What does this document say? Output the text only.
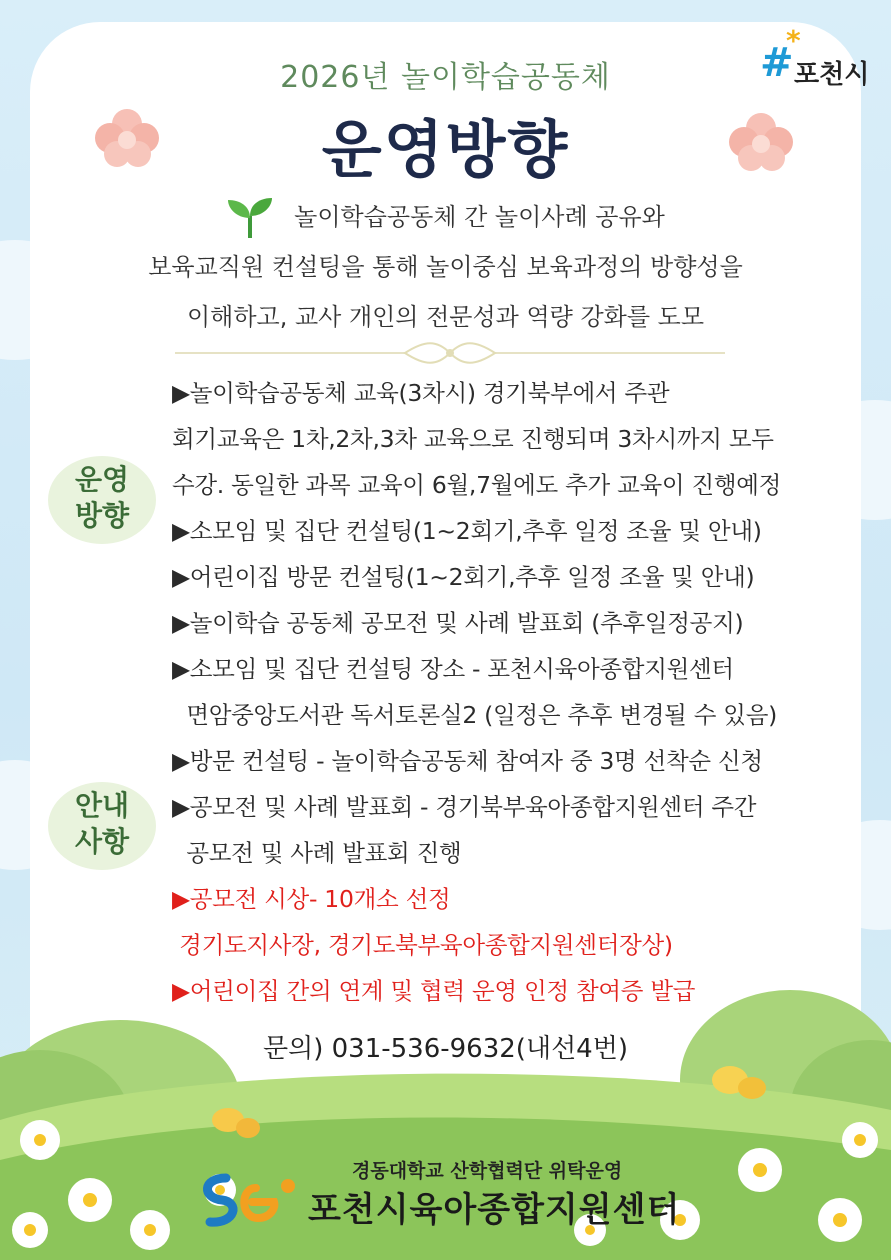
#
*
포천시
2026년 놀이학습공동체
운영방향
놀이학습공동체 간 놀이사례 공유와
보육교직원 컨설팅을 통해 놀이중심 보육과정의 방향성을
이해하고, 교사 개인의 전문성과 역량 강화를 도모
운영
방향
안내
사항
▶놀이학습공동체 교육(3차시) 경기북부에서 주관
회기교육은 1차,2차,3차 교육으로 진행되며 3차시까지 모두
수강. 동일한 과목 교육이 6월,7월에도 추가 교육이 진행예정
▶소모임 및 집단 컨설팅(1~2회기,추후 일정 조율 및 안내)
▶어린이집 방문 컨설팅(1~2회기,추후 일정 조율 및 안내)
▶놀이학습 공동체 공모전 및 사례 발표회 (추후일정공지)
▶소모임 및 집단 컨설팅 장소 - 포천시육아종합지원센터
면암중앙도서관 독서토론실2 (일정은 추후 변경될 수 있음)
▶방문 컨설팅 - 놀이학습공동체 참여자 중 3명 선착순 신청
▶공모전 및 사례 발표회 - 경기북부육아종합지원센터 주간
공모전 및 사례 발표회 진행
▶공모전 시상- 10개소 선정
경기도지사장, 경기도북부육아종합지원센터장상)
▶어린이집 간의 연계 및 협력 운영 인정 참여증 발급
문의) 031-536-9632(내선4번)
경동대학교 산학협력단 위탁운영
포천시육아종합지원센터
